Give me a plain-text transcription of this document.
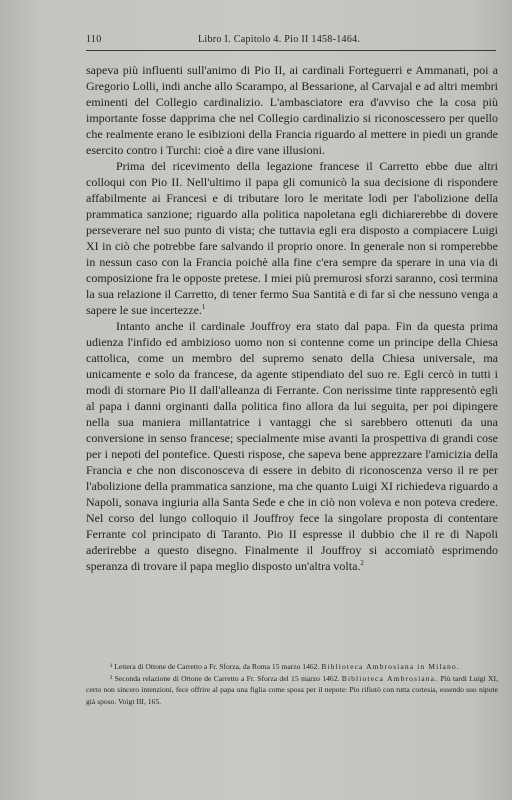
110	Libro I. Capitolo 4. Pio II 1458-1464.

sapeva più influenti sull'animo di Pio II, ai cardinali Forteguerri e Ammanati, poi a Gregorio Lolli, indi anche allo Scarampo, al Bessarione, al Carvajal e ad altri membri eminenti del Collegio cardinalizio. L'ambasciatore era d'avviso che la cosa più importante fosse dapprima che nel Collegio cardinalizio si riconoscessero per quello che realmente erano le esibizioni della Francia riguardo al mettere in piedi un grande esercito contro i Turchi: cioè a dire vane illusioni.

Prima del ricevimento della legazione francese il Carretto ebbe due altri colloqui con Pio II. Nell'ultimo il papa gli comunicò la sua decisione di rispondere affabilmente ai Francesi e di tributare loro le meritate lodi per l'abolizione della prammatica sanzione; riguardo alla politica napoletana egli dichiarerebbe di dovere perseverare nel suo punto di vista; che tuttavia egli era disposto a compiacere Luigi XI in ciò che potrebbe fare salvando il proprio onore. In generale non si romperebbe in nessun caso con la Francia poichè alla fine c'era sempre da sperare in una via di composizione fra le opposte pretese. I miei più premurosi sforzi saranno, così termina la sua relazione il Carretto, di tener fermo Sua Santità e di far sì che nessuno venga a sapere le sue incertezze.$^1$

Intanto anche il cardinale Jouffroy era stato dal papa. Fin da questa prima udienza l'infido ed ambizioso uomo non si contenne come un principe della Chiesa cattolica, come un membro del supremo senato della Chiesa universale, ma unicamente e solo da francese, da agente stipendiato del suo re. Egli cercò in tutti i modi di stornare Pio II dall'alleanza di Ferrante. Con nerissime tinte rappresentò egli al papa i danni orginanti dalla politica fino allora da lui seguita, per poi dipingere nella sua maniera millantatrice i vantaggi che si sarebbero ottenuti da una conversione in senso francese; specialmente mise avanti la prospettiva di grandi cose per i nepoti del pontefice. Questi rispose, che sapeva bene apprezzare l'amicizia della Francia e che non disconosceva di essere in debito di riconoscenza verso il re per l'abolizione della prammatica sanzione, ma che quanto Luigi XI richiedeva riguardo a Napoli, sonava ingiuria alla Santa Sede e che in ciò non voleva e non poteva credere. Nel corso del lungo colloquio il Jouffroy fece la singolare proposta di contentare Ferrante col principato di Taranto. Pio II espresse il dubbio che il re di Napoli aderirebbe a questo disegno. Finalmente il Jouffroy si accomiatò esprimendo speranza di trovare il papa meglio disposto un'altra volta.$^2$

¹ Lettera di Ottone de Carretto a Fr. Sforza, da Roma 15 marzo 1462. Biblioteca Ambrosiana in Milano.

² Seconda relazione di Ottone de Carretto a Fr. Sforza del 15 marzo 1462. Biblioteca Ambrosiana. Più tardi Luigi XI, certo non sincero intenzioni, fece offrire al papa una figlia come sposa per il nepote: Pio rifiutò con tutta cortesia, essendo suo nipote già sposo. Voigt III, 165.
